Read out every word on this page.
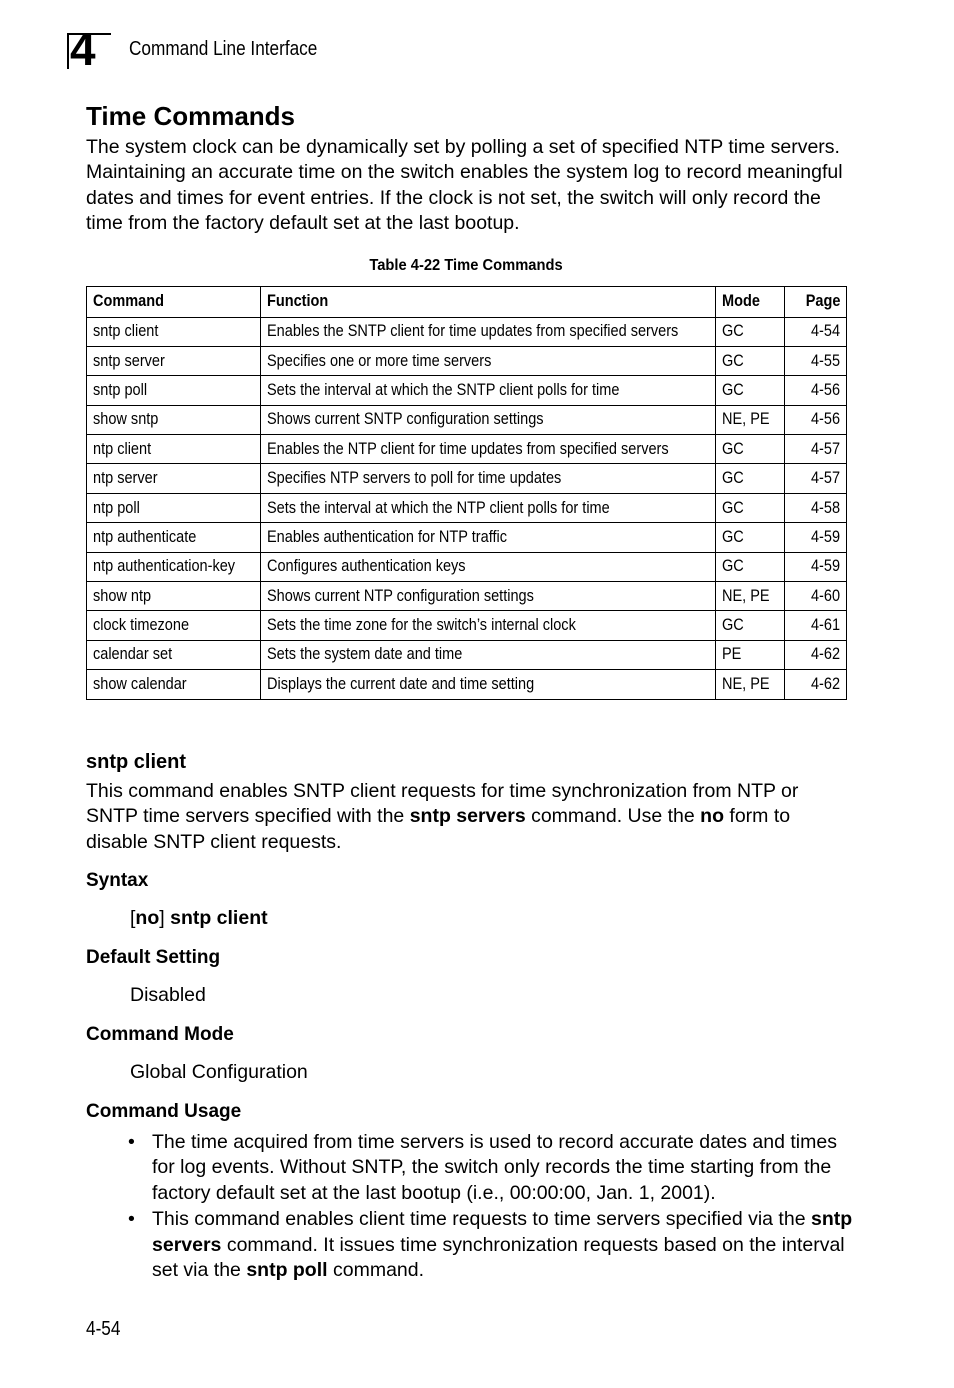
4 Command Line Interface
Time Commands

The system clock can be dynamically set by polling a set of specified NTP time servers. Maintaining an accurate time on the switch enables the system log to record meaningful dates and times for event entries. If the clock is not set, the switch will only record the time from the factory default set at the last bootup.

Table 4-22 Time Commands
Command	Function	Mode	Page
sntp client	Enables the SNTP client for time updates from specified servers	GC	4-54
sntp server	Specifies one or more time servers	GC	4-55
sntp poll	Sets the interval at which the SNTP client polls for time	GC	4-56
show sntp	Shows current SNTP configuration settings	NE, PE	4-56
ntp client	Enables the NTP client for time updates from specified servers	GC	4-57
ntp server	Specifies NTP servers to poll for time updates	GC	4-57
ntp poll	Sets the interval at which the NTP client polls for time	GC	4-58
ntp authenticate	Enables authentication for NTP traffic	GC	4-59
ntp authentication-key	Configures authentication keys	GC	4-59
show ntp	Shows current NTP configuration settings	NE, PE	4-60
clock timezone	Sets the time zone for the switch’s internal clock	GC	4-61
calendar set	Sets the system date and time	PE	4-62
show calendar	Displays the current date and time setting	NE, PE	4-62
sntp client

This command enables SNTP client requests for time synchronization from NTP or SNTP time servers specified with the sntp servers command. Use the no form to disable SNTP client requests.

Syntax

[no] sntp client

Default Setting

Disabled

Command Mode

Global Configuration

Command Usage
• The time acquired from time servers is used to record accurate dates and times for log events. Without SNTP, the switch only records the time starting from the factory default set at the last bootup (i.e., 00:00:00, Jan. 1, 2001).
• This command enables client time requests to time servers specified via the sntp servers command. It issues time synchronization requests based on the interval set via the sntp poll command.
4-54
